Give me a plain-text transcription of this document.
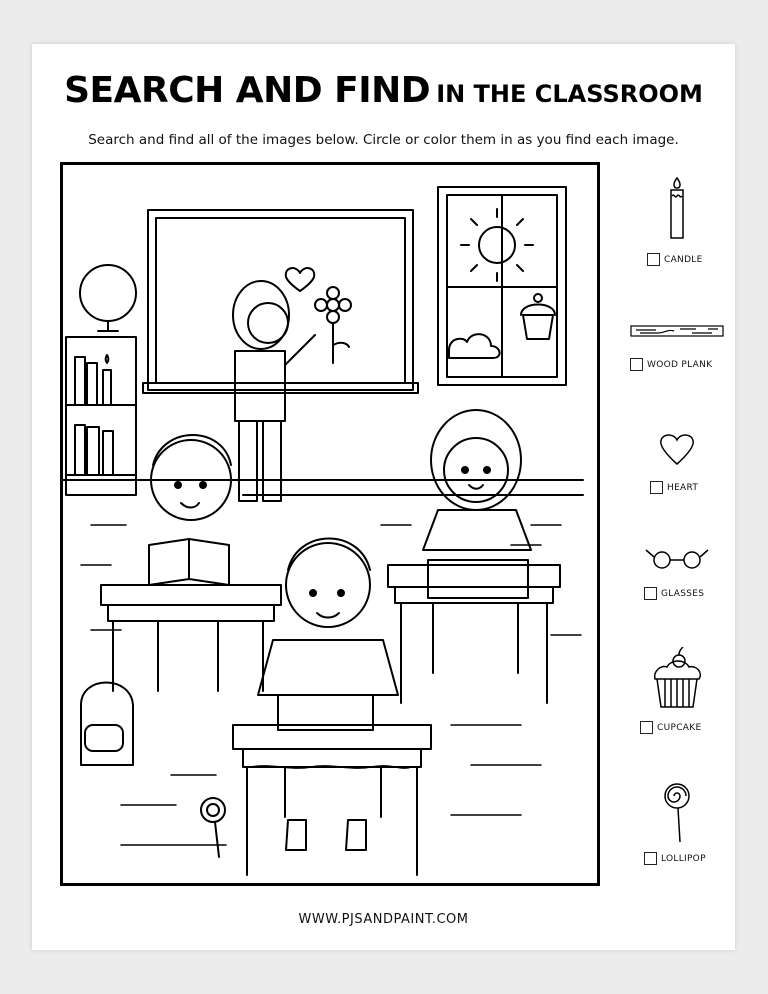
SEARCH AND FIND IN THE CLASSROOM
Search and find all of the images below. Circle or color them in as you find each image.
CANDLE
WOOD PLANK
HEART
GLASSES
CUPCAKE
LOLLIPOP
WWW.PJSANDPAINT.COM
